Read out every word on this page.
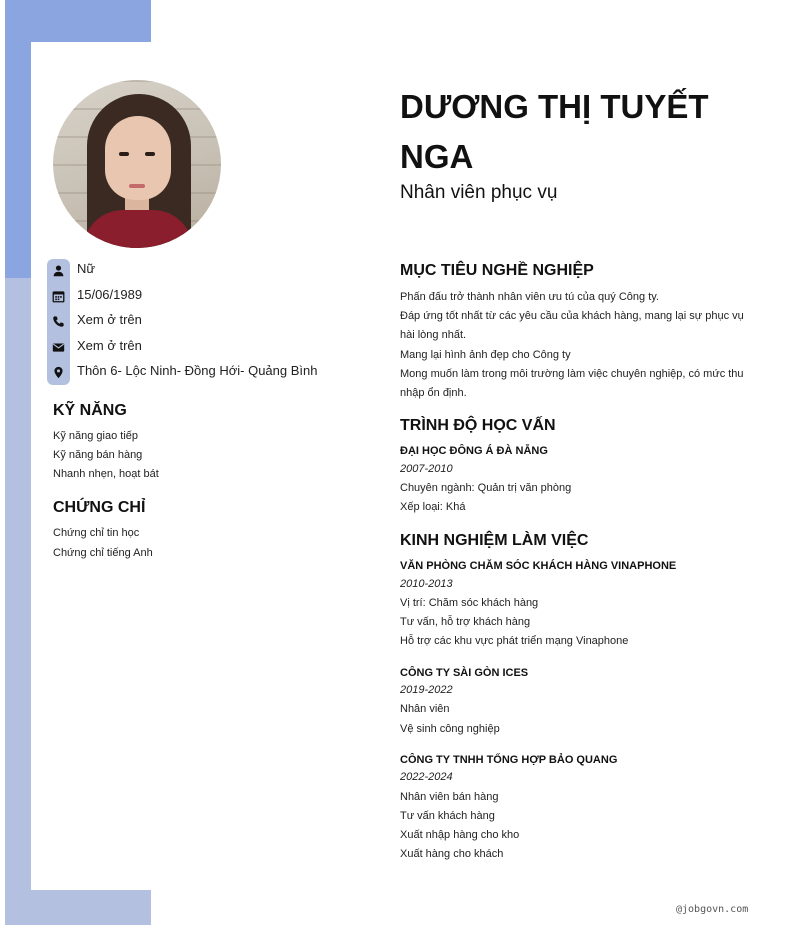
Nữ
15/06/1989
Xem ở trên
Xem ở trên
Thôn 6- Lộc Ninh- Đồng Hới- Quảng Bình
KỸ NĂNG
Kỹ năng giao tiếp
Kỹ năng bán hàng
Nhanh nhẹn, hoạt bát
CHỨNG CHỈ
Chứng chỉ tin học
Chứng chỉ tiếng Anh
DƯƠNG THỊ TUYẾT NGA
Nhân viên phục vụ
MỤC TIÊU NGHỀ NGHIỆP
Phấn đấu trở thành nhân viên ưu tú của quý Công ty.
Đáp ứng tốt nhất từ các yêu cầu của khách hàng, mang lại sự phục vụ hài lòng nhất.
Mang lại hình ảnh đẹp cho Công ty
Mong muốn làm trong môi trường làm việc chuyên nghiệp, có mức thu nhập ổn định.
TRÌNH ĐỘ HỌC VẤN
ĐẠI HỌC ĐÔNG Á ĐÀ NẴNG
2007-2010
Chuyên ngành: Quản trị văn phòng
Xếp loại: Khá
KINH NGHIỆM LÀM VIỆC
VĂN PHÒNG CHĂM SÓC KHÁCH HÀNG VINAPHONE
2010-2013
Vị trí: Chăm sóc khách hàng
Tư vấn, hỗ trợ khách hàng
Hỗ trợ các khu vực phát triển mạng Vinaphone
CÔNG TY SÀI GÒN ICES
2019-2022
Nhân viên
Vệ sinh công nghiệp
CÔNG TY TNHH TỔNG HỢP BẢO QUANG
2022-2024
Nhân viên bán hàng
Tư vấn khách hàng
Xuất nhập hàng cho kho
Xuất hàng cho khách
@jobgovn.com
